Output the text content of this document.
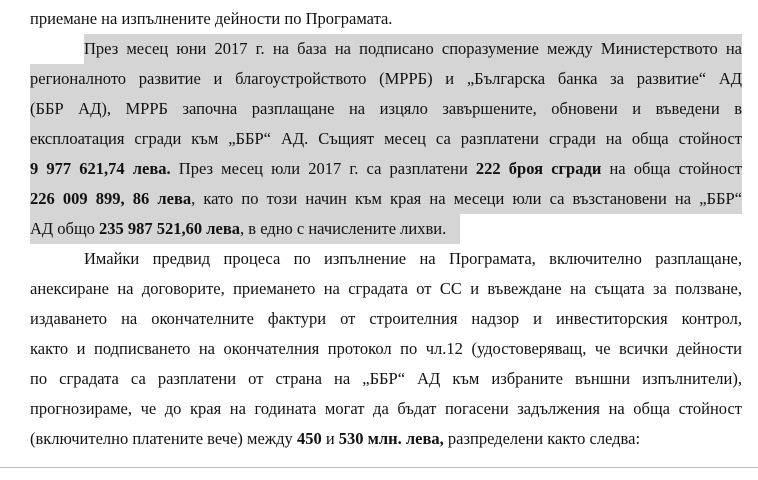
приемане на изпълнените дейности по Програмата.
През месец юни 2017 г. на база на подписано споразумение между Министерството на
регионалното развитие и благоустройството (МРРБ) и „Българска банка за развитие“ АД
(ББР АД), МРРБ започна разплащане на изцяло завършените, обновени и въведени в
експлоатация сгради към „ББР“ АД. Същият месец са разплатени сгради на обща стойност
9 977 621,74 лева. През месец юли 2017 г. са разплатени 222 броя сгради на обща стойност
226 009 899, 86 лева, като по този начин към края на месеци юли са възстановени на „ББР“
АД общо 235 987 521,60 лева, в едно с начислените лихви.
Имайки предвид процеса по изпълнение на Програмата, включително разплащане,
анексиране на договорите, приемането на сградата от СС и въвеждане на същата за ползване,
издаването на окончателните фактури от строителния надзор и инвеститорския контрол,
както и подписването на окончателния протокол по чл.12 (удостоверяващ, че всички дейности
по сградата са разплатени от страна на „ББР“ АД към избраните външни изпълнители),
прогнозираме, че до края на годината могат да бъдат погасени задължения на обща стойност
(включително платените вече) между 450 и 530 млн. лева, разпределени както следва:
